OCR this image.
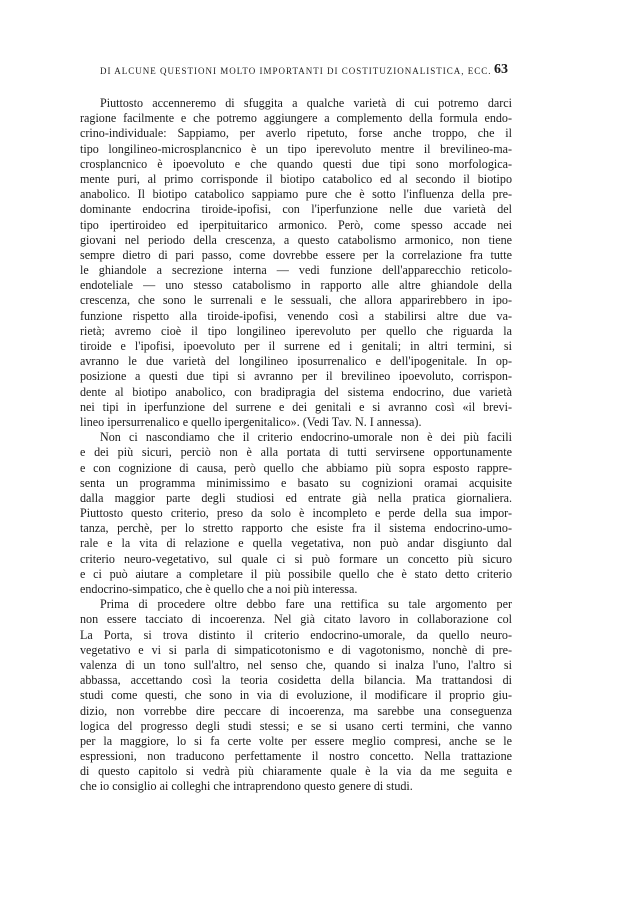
DI ALCUNE QUESTIONI MOLTO IMPORTANTI DI COSTITUZIONALISTICA, ECC. 63
Piuttosto accenneremo di sfuggita a qualche varietà di cui potremo darci
ragione facilmente e che potremo aggiungere a complemento della formula endo-
crino-individuale: Sappiamo, per averlo ripetuto, forse anche troppo, che il
tipo longilineo-microsplancnico è un tipo iperevoluto mentre il brevilineo-ma-
crosplancnico è ipoevoluto e che quando questi due tipi sono morfologica-
mente puri, al primo corrisponde il biotipo catabolico ed al secondo il biotipo
anabolico. Il biotipo catabolico sappiamo pure che è sotto l'influenza della pre-
dominante endocrina tiroide-ipofisi, con l'iperfunzione nelle due varietà del
tipo ipertiroideo ed iperpituitarico armonico. Però, come spesso accade nei
giovani nel periodo della crescenza, a questo catabolismo armonico, non tiene
sempre dietro di pari passo, come dovrebbe essere per la correlazione fra tutte
le ghiandole a secrezione interna — vedi funzione dell'apparecchio reticolo-
endoteliale — uno stesso catabolismo in rapporto alle altre ghiandole della
crescenza, che sono le surrenali e le sessuali, che allora apparirebbero in ipo-
funzione rispetto alla tiroide-ipofisi, venendo così a stabilirsi altre due va-
rietà; avremo cioè il tipo longilineo iperevoluto per quello che riguarda la
tiroide e l'ipofisi, ipoevoluto per il surrene ed i genitali; in altri termini, si
avranno le due varietà del longilineo iposurrenalico e dell'ipogenitale. In op-
posizione a questi due tipi si avranno per il brevilineo ipoevoluto, corrispon-
dente al biotipo anabolico, con bradipragia del sistema endocrino, due varietà
nei tipi in iperfunzione del surrene e dei genitali e si avranno così «il brevi-
lineo ipersurrenalico e quello ipergenitalico». (Vedi Tav. N. I annessa).
Non ci nascondiamo che il criterio endocrino-umorale non è dei più facili
e dei più sicuri, perciò non è alla portata di tutti servirsene opportunamente
e con cognizione di causa, però quello che abbiamo più sopra esposto rappre-
senta un programma minimissimo e basato su cognizioni oramai acquisite
dalla maggior parte degli studiosi ed entrate già nella pratica giornaliera.
Piuttosto questo criterio, preso da solo è incompleto e perde della sua impor-
tanza, perchè, per lo stretto rapporto che esiste fra il sistema endocrino-umo-
rale e la vita di relazione e quella vegetativa, non può andar disgiunto dal
criterio neuro-vegetativo, sul quale ci si può formare un concetto più sicuro
e ci può aiutare a completare il più possibile quello che è stato detto criterio
endocrino-simpatico, che è quello che a noi più interessa.
Prima di procedere oltre debbo fare una rettifica su tale argomento per
non essere tacciato di incoerenza. Nel già citato lavoro in collaborazione col
La Porta, si trova distinto il criterio endocrino-umorale, da quello neuro-
vegetativo e vi si parla di simpaticotonismo e di vagotonismo, nonchè di pre-
valenza di un tono sull'altro, nel senso che, quando si inalza l'uno, l'altro si
abbassa, accettando così la teoria cosidetta della bilancia. Ma trattandosi di
studi come questi, che sono in via di evoluzione, il modificare il proprio giu-
dizio, non vorrebbe dire peccare di incoerenza, ma sarebbe una conseguenza
logica del progresso degli studi stessi; e se si usano certi termini, che vanno
per la maggiore, lo si fa certe volte per essere meglio compresi, anche se le
espressioni, non traducono perfettamente il nostro concetto. Nella trattazione
di questo capitolo si vedrà più chiaramente quale è la via da me seguita e
che io consiglio ai colleghi che intraprendono questo genere di studi.
